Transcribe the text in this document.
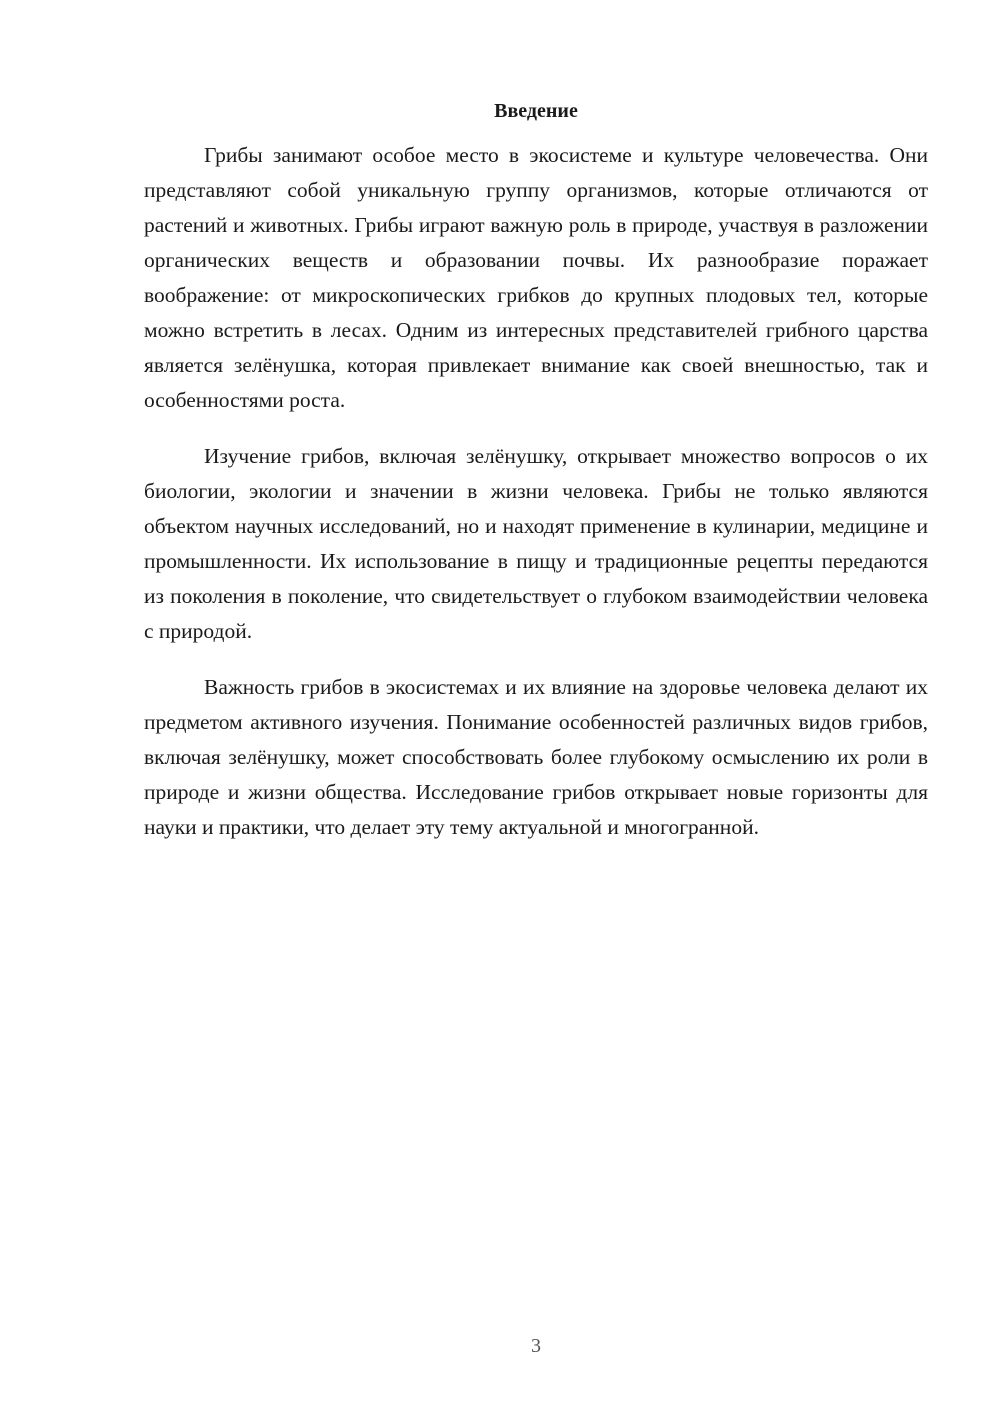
Введение

Грибы занимают особое место в экосистеме и культуре человечества. Они представляют собой уникальную группу организмов, которые отличаются от растений и животных. Грибы играют важную роль в природе, участвуя в разложении органических веществ и образовании почвы. Их разнообразие поражает воображение: от микроскопических грибков до крупных плодовых тел, которые можно встретить в лесах. Одним из интересных представителей грибного царства является зелёнушка, которая привлекает внимание как своей внешностью, так и особенностями роста.

Изучение грибов, включая зелёнушку, открывает множество вопросов о их биологии, экологии и значении в жизни человека. Грибы не только являются объектом научных исследований, но и находят применение в кулинарии, медицине и промышленности. Их использование в пищу и традиционные рецепты передаются из поколения в поколение, что свидетельствует о глубоком взаимодействии человека с природой.

Важность грибов в экосистемах и их влияние на здоровье человека делают их предметом активного изучения. Понимание особенностей различных видов грибов, включая зелёнушку, может способствовать более глубокому осмыслению их роли в природе и жизни общества. Исследование грибов открывает новые горизонты для науки и практики, что делает эту тему актуальной и многогранной.

3
